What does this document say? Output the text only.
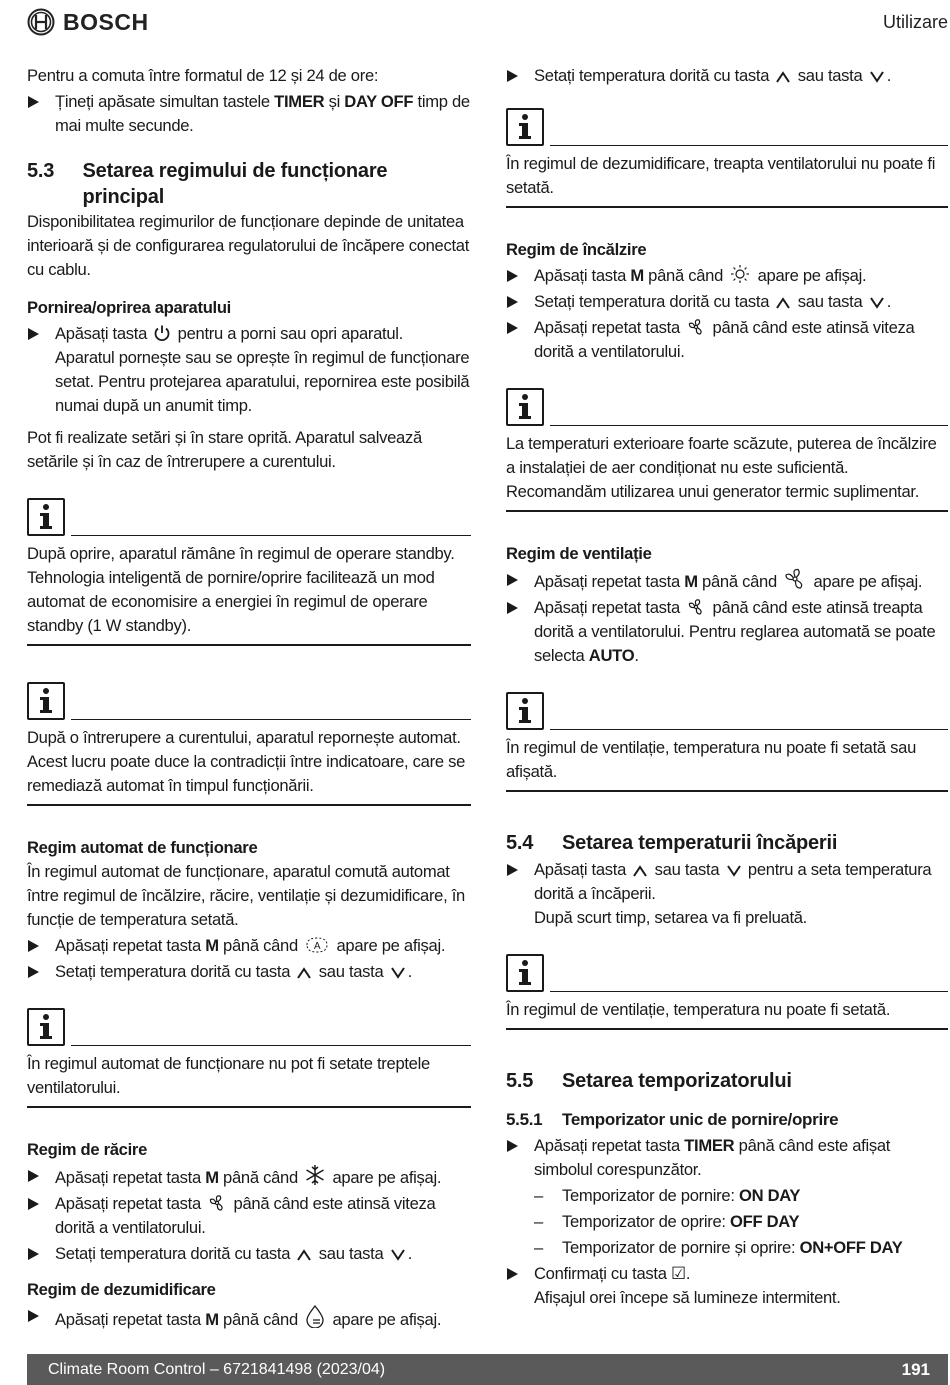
BOSCH	Utilizare

Pentru a comuta între formatul de 12 și 24 de ore:

Țineți apăsate simultan tastele TIMER și DAY OFF timp de mai multe secunde.
5.3	Setarea regimului de funcționare principal

Disponibilitatea regimurilor de funcționare depinde de unitatea interioară și de configurarea regulatorului de încăpere conectat cu cablu.

Pornirea/oprirea aparatului

Apăsați tasta  pentru a porni sau opri aparatul.
Aparatul pornește sau se oprește în regimul de funcționare setat. Pentru protejarea aparatului, repornirea este posibilă numai după un anumit timp.

Pot fi realizate setări și în stare oprită. Aparatul salvează setările și în caz de întrerupere a curentului.

După oprire, aparatul rămâne în regimul de operare standby. Tehnologia inteligentă de pornire/oprire facilitează un mod automat de economisire a energiei în regimul de operare standby (1 W standby).

După o întrerupere a curentului, aparatul repornește automat. Acest lucru poate duce la contradicții între indicatoare, care se remediază automat în timpul funcționării.

Regim automat de funcționare

În regimul automat de funcționare, aparatul comută automat între regimul de încălzire, răcire, ventilație și dezumidificare, în funcție de temperatura setată.

Apăsați repetat tasta M până când A apare pe afișaj.
Setați temperatura dorită cu tasta  sau tasta .

În regimul automat de funcționare nu pot fi setate treptele ventilatorului.

Regim de răcire

Apăsați repetat tasta M până când  apare pe afișaj.
Apăsați repetat tasta  până când este atinsă viteza dorită a ventilatorului.
Setați temperatura dorită cu tasta  sau tasta .

Regim de dezumidificare

Apăsați repetat tasta M până când  apare pe afișaj.
Setați temperatura dorită cu tasta  sau tasta .

În regimul de dezumidificare, treapta ventilatorului nu poate fi setată.

Regim de încălzire

Apăsați tasta M până când  apare pe afișaj.
Setați temperatura dorită cu tasta  sau tasta .
Apăsați repetat tasta  până când este atinsă viteza dorită a ventilatorului.

La temperaturi exterioare foarte scăzute, puterea de încălzire a instalației de aer condiționat nu este suficientă. Recomandăm utilizarea unui generator termic suplimentar.

Regim de ventilație

Apăsați repetat tasta M până când  apare pe afișaj.
Apăsați repetat tasta  până când este atinsă treapta dorită a ventilatorului. Pentru reglarea automată se poate selecta AUTO.

În regimul de ventilație, temperatura nu poate fi setată sau afișată.

5.4	Setarea temperaturii încăperii
Apăsați tasta  sau tasta  pentru a seta temperatura dorită a încăperii.
După scurt timp, setarea va fi preluată.

În regimul de ventilație, temperatura nu poate fi setată.

5.5	Setarea temporizatorului
5.5.1	Temporizator unic de pornire/oprire
Apăsați repetat tasta TIMER până când este afișat simbolul corespunzător.
– Temporizator de pornire: ON DAY
– Temporizator de oprire: OFF DAY
– Temporizator de pornire și oprire: ON+OFF DAY
Confirmați cu tasta ☑.
Afișajul orei începe să lumineze intermitent.
Climate Room Control – 6721841498 (2023/04)	191
